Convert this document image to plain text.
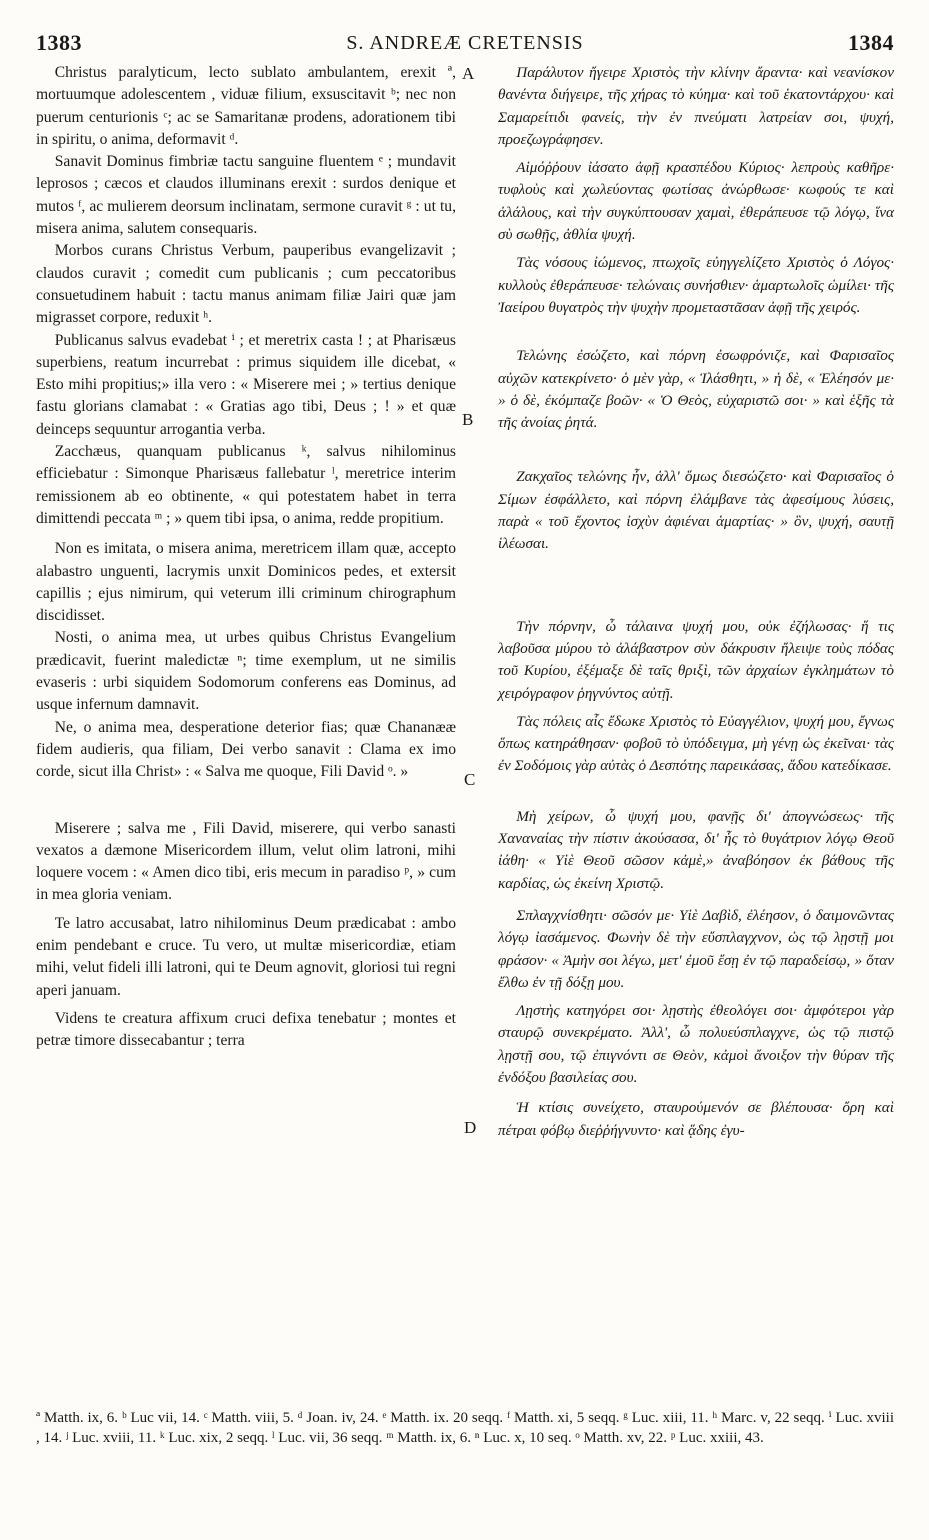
1383	S. ANDREÆ CRETENSIS	1384

Christus paralyticum, lecto sublato ambulantem, erexit ª, mortuumque adolescentem , viduæ filium, exsuscitavit ᵇ; nec non puerum centurionis ᶜ; ac se Samaritanæ prodens, adorationem tibi in spiritu, o anima, deformavit ᵈ.

Sanavit Dominus fimbriæ tactu sanguine fluentem ᵉ ; mundavit leprosos ; cæcos et claudos illuminans erexit : surdos denique et mutos ᶠ, ac mulierem deorsum inclinatam, sermone curavit ᵍ : ut tu, misera anima, salutem consequaris.

Morbos curans Christus Verbum, pauperibus evangelizavit ; claudos curavit ; comedit cum publicanis ; cum peccatoribus consuetudinem habuit : tactu manus animam filiæ Jairi quæ jam migrasset corpore, reduxit ʰ.

Publicanus salvus evadebat ⁱ ; et meretrix casta ! ; at Pharisæus superbiens, reatum incurrebat : primus siquidem ille dicebat, « Esto mihi propitius;» illa vero : « Miserere mei ; » tertius denique fastu glorians clamabat : « Gratias ago tibi, Deus ; ! » et quæ deinceps sequuntur arrogantia verba.

Zacchæus, quanquam publicanus ᵏ, salvus nihilominus efficiebatur : Simonque Pharisæus fallebatur ˡ, meretrice interim remissionem ab eo obtinente, « qui potestatem habet in terra dimittendi peccata ᵐ ; » quem tibi ipsa, o anima, redde propitium.

Non es imitata, o misera anima, meretricem illam quæ, accepto alabastro unguenti, lacrymis unxit Dominicos pedes, et extersit capillis ; ejus nimirum, qui veterum illi criminum chirographum discidisset.

Nosti, o anima mea, ut urbes quibus Christus Evangelium prædicavit, fuerint maledictæ ⁿ; time exemplum, ut ne similis evaseris : urbi siquidem Sodomorum conferens eas Dominus, ad usque infernum damnavit.

Ne, o anima mea, desperatione deterior fias; quæ Chananææ fidem audieris, qua filiam, Dei verbo sanavit : Clama ex imo corde, sicut illa Christ» : « Salva me quoque, Fili David ᵒ. »

Miserere ; salva me , Fili David, miserere, qui verbo sanasti vexatos a dæmone Misericordem illum, velut olim latroni, mihi loquere vocem : « Amen dico tibi, eris mecum in paradiso ᵖ, » cum in mea gloria veniam.

Te latro accusabat, latro nihilominus Deum prædicabat : ambo enim pendebant e cruce. Tu vero, ut multæ misericordiæ, etiam mihi, velut fideli illi latroni, qui te Deum agnovit, gloriosi tui regni aperi januam.

Videns te creatura affixum cruci defixa tenebatur ; montes et petræ timore dissecabantur ; terra

Παράλυτον ἤγειρε Χριστὸς τὴν κλίνην ἄραντα· καὶ νεανίσκον θανέντα διήγειρε, τῆς χήρας τὸ κύημα· καὶ τοῦ ἑκατοντάρχου· καὶ Σαμαρείτιδι φανείς, τὴν ἐν πνεύματι λατρείαν σοι, ψυχή, προεζωγράφησεν.

Αἱμόῤῥουν ἰάσατο ἀφῇ κρασπέδου Κύριος· λεπροὺς καθῆρε· τυφλοὺς καὶ χωλεύοντας φωτίσας ἀνώρθωσε· κωφούς τε καὶ ἀλάλους, καὶ τὴν συγκύπτουσαν χαμαὶ, ἐθεράπευσε τῷ λόγῳ, ἵνα σὺ σωθῇς, ἀθλία ψυχή.

Τὰς νόσους ἰώμενος, πτωχοῖς εὐηγγελίζετο Χριστὸς ὁ Λόγος· κυλλοὺς ἐθεράπευσε· τελώναις συνήσθιεν· ἁμαρτωλοῖς ὡμίλει· τῆς Ἰαείρου θυγατρὸς τὴν ψυχὴν προμεταστᾶσαν ἀφῇ τῆς χειρός.

Τελώνης ἐσώζετο, καὶ πόρνη ἐσωφρόνιζε, καὶ Φαρισαῖος αὐχῶν κατεκρίνετο· ὁ μὲν γὰρ, « Ἱλάσθητι, » ἡ δὲ, « Ἐλέησόν με· » ὁ δὲ, ἐκόμπαζε βοῶν· « Ὁ Θεὸς, εὐχαριστῶ σοι· » καὶ ἑξῆς τὰ τῆς ἀνοίας ῥητά.

Ζακχαῖος τελώνης ἦν, ἀλλ' ὅμως διεσώζετο· καὶ Φαρισαῖος ὁ Σίμων ἐσφάλλετο, καὶ πόρνη ἐλάμβανε τὰς ἀφεσίμους λύσεις, παρὰ « τοῦ ἔχοντος ἰσχὺν ἀφιέναι ἁμαρτίας· » ὃν, ψυχή, σαυτῇ ἱλέωσαι.

Τὴν πόρνην, ὦ τάλαινα ψυχή μου, οὐκ ἐζήλωσας· ἥ τις λαβοῦσα μύρου τὸ ἀλάβαστρον σὺν δάκρυσιν ἤλειψε τοὺς πόδας τοῦ Κυρίου, ἐξέμαξε δὲ ταῖς θριξὶ, τῶν ἀρχαίων ἐγκλημάτων τὸ χειρόγραφον ῥηγνύντος αὐτῇ.

Τὰς πόλεις αἷς ἔδωκε Χριστὸς τὸ Εὐαγγέλιον, ψυχή μου, ἔγνως ὅπως κατηράθησαν· φοβοῦ τὸ ὑπόδειγμα, μὴ γένῃ ὡς ἐκεῖναι· τὰς ἐν Σοδόμοις γὰρ αὐτὰς ὁ Δεσπότης παρεικάσας, ἅδου κατεδίκασε.

Μὴ χείρων, ὦ ψυχή μου, φανῇς δι' ἀπογνώσεως· τῆς Χαναναίας τὴν πίστιν ἀκούσασα, δι' ἧς τὸ θυγάτριον λόγῳ Θεοῦ ἰάθη· « Υἱὲ Θεοῦ σῶσον κἀμὲ,» ἀναβόησον ἐκ βάθους τῆς καρδίας, ὡς ἐκείνη Χριστῷ.

Σπλαγχνίσθητι· σῶσόν με· Υἱὲ Δαβὶδ, ἐλέησον, ὁ δαιμονῶντας λόγῳ ἰασάμενος. Φωνὴν δὲ τὴν εὔσπλαγχνον, ὡς τῷ λῃστῇ μοι φράσον· « Ἀμὴν σοι λέγω, μετ' ἐμοῦ ἔσῃ ἐν τῷ παραδείσῳ, » ὅταν ἔλθω ἐν τῇ δόξῃ μου.

Λῃστὴς κατηγόρει σοι· λῃστὴς ἐθεολόγει σοι· ἀμφότεροι γὰρ σταυρῷ συνεκρέματο. Ἀλλ', ὦ πολυεύσπλαγχνε, ὡς τῷ πιστῷ λῃστῇ σου, τῷ ἐπιγνόντι σε Θεὸν, κἀμοὶ ἄνοιξον τὴν θύραν τῆς ἐνδόξου βασιλείας σου.

Ἡ κτίσις συνείχετο, σταυρούμενόν σε βλέπουσα· ὄρη καὶ πέτραι φόβῳ διεῤῥήγνυντο· καὶ ᾅδης ἐγυ-

A
B
C
D

ª Matth. ix, 6. ᵇ Luc vii, 14. ᶜ Matth. viii, 5. ᵈ Joan. iv, 24. ᵉ Matth. ix. 20 seqq. ᶠ Matth. xi, 5 seqq. ᵍ Luc. xiii, 11. ʰ Marc. v, 22 seqq. ⁱ Luc. xviii , 14. ʲ Luc. xviii, 11. ᵏ Luc. xix, 2 seqq. ˡ Luc. vii, 36 seqq. ᵐ Matth. ix, 6. ⁿ Luc. x, 10 seq. ᵒ Matth. xv, 22. ᵖ Luc. xxiii, 43.
